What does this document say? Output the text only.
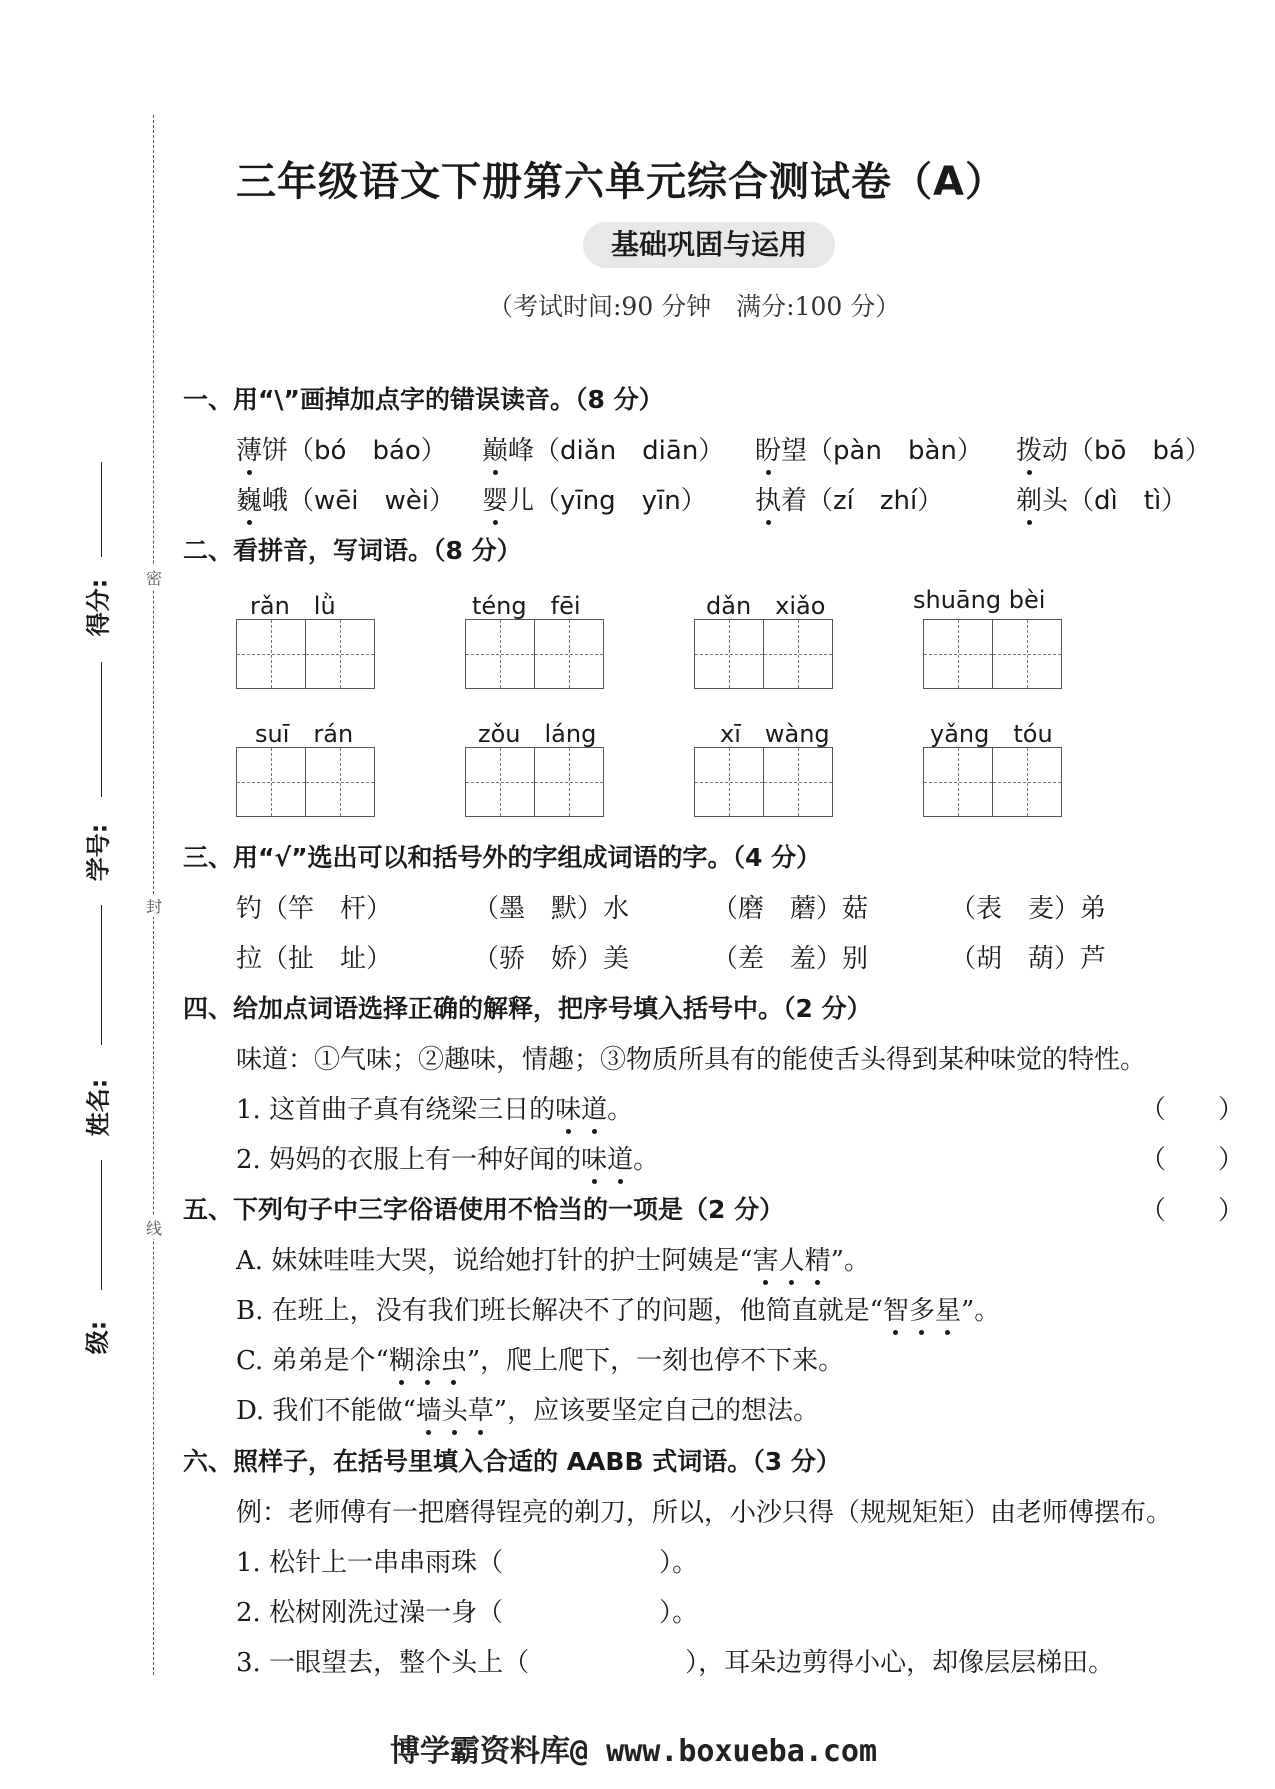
密
封
线
得分:
学号:
姓名:
级:
三年级语文下册第六单元综合测试卷（A）
基础巩固与运用
（考试时间:90 分钟　满分:100 分）
一、用“\”画掉加点字的错误读音。（8 分）
薄饼（bó　báo） 巅峰（diǎn　diān） 盼望（pàn　bàn） 拨动（bō　bá）
巍峨（wēi　wèi） 婴儿（yīng　yīn） 执着（zí　zhí）	剃头（dì　tì）
二、看拼音，写词语。（8 分）
rǎn　lǜ	téng　fēi	dǎn　xiǎo	shuāng bèi
suī　rán	zǒu　láng	xī　wàng	yǎng　tóu
三、用“√”选出可以和括号外的字组成词语的字。（4 分）
钓（竿　杆）	（墨　默）水	（磨　蘑）菇	（表　麦）弟
拉（扯　址）	（骄　娇）美	（差　羞）别	（胡　葫）芦
四、给加点词语选择正确的解释，把序号填入括号中。（2 分）
味道：①气味；②趣味，情趣；③物质所具有的能使舌头得到某种味觉的特性。
1. 这首曲子真有绕梁三日的味道。	（　　）
2. 妈妈的衣服上有一种好闻的味道。	（　　）
五、下列句子中三字俗语使用不恰当的一项是（2 分）	（　　）
A. 妹妹哇哇大哭，说给她打针的护士阿姨是“害人精”。
B. 在班上，没有我们班长解决不了的问题，他简直就是“智多星”。
C. 弟弟是个“糊涂虫”，爬上爬下，一刻也停不下来。
D. 我们不能做“墙头草”，应该要坚定自己的想法。
六、照样子，在括号里填入合适的 AABB 式词语。（3 分）
例：老师傅有一把磨得锃亮的剃刀，所以，小沙只得（规规矩矩）由老师傅摆布。
1. 松针上一串串雨珠（　　　　　　）。
2. 松树刚洗过澡一身（　　　　　　）。
3. 一眼望去，整个头上（　　　　　　），耳朵边剪得小心，却像层层梯田。
博学霸资料库@ www.boxueba.com
